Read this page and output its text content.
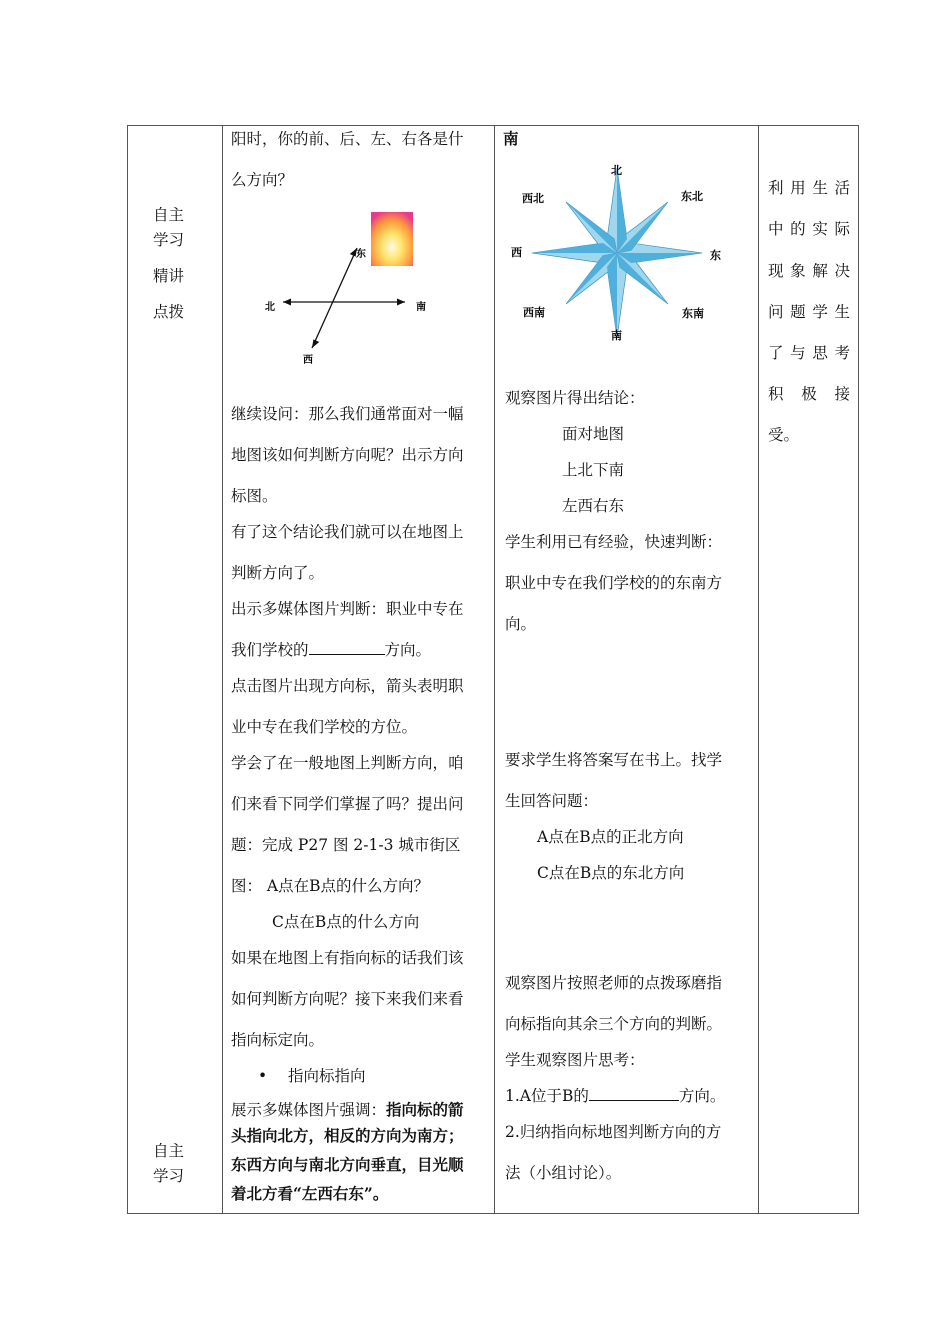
自主
学习
精讲
点拨
自主
学习
阳时，你的前、后、左、右各是什
么方向？
东
北	南
西
继续设问：那么我们通常面对一幅
地图该如何判断方向呢？出示方向
标图。
有了这个结论我们就可以在地图上
判断方向了。
出示多媒体图片判断：职业中专在
我们学校的	方向。
点击图片出现方向标，箭头表明职
业中专在我们学校的方位。
学会了在一般地图上判断方向，咱
们来看下同学们掌握了吗？提出问
题：完成 P27 图 2-1-3 城市街区
图： A点在B点的什么方向？
C点在B点的什么方向
如果在地图上有指向标的话我们该
如何判断方向呢？接下来我们来看
指向标定向。
• 指向标指向
展示多媒体图片强调：指向标的箭
头指向北方，相反的方向为南方；
东西方向与南北方向垂直，目光顺
着北方看“左西右东”。
南
北
东北
东
东南
南
西南
西
西北
观察图片得出结论：
面对地图
上北下南
左西右东
学生利用已有经验，快速判断：
职业中专在我们学校的的东南方
向。
要求学生将答案写在书上。找学
生回答问题：
A点在B点的正北方向
C点在B点的东北方向
观察图片按照老师的点拨琢磨指
向标指向其余三个方向的判断。
学生观察图片思考：
1.A位于B的	方向。
2.归纳指向标地图判断方向的方
法（小组讨论）。
利 用 生 活
中 的 实 际
现 象 解 决
问 题 学 生
了 与 思 考
积 极 接
受。
